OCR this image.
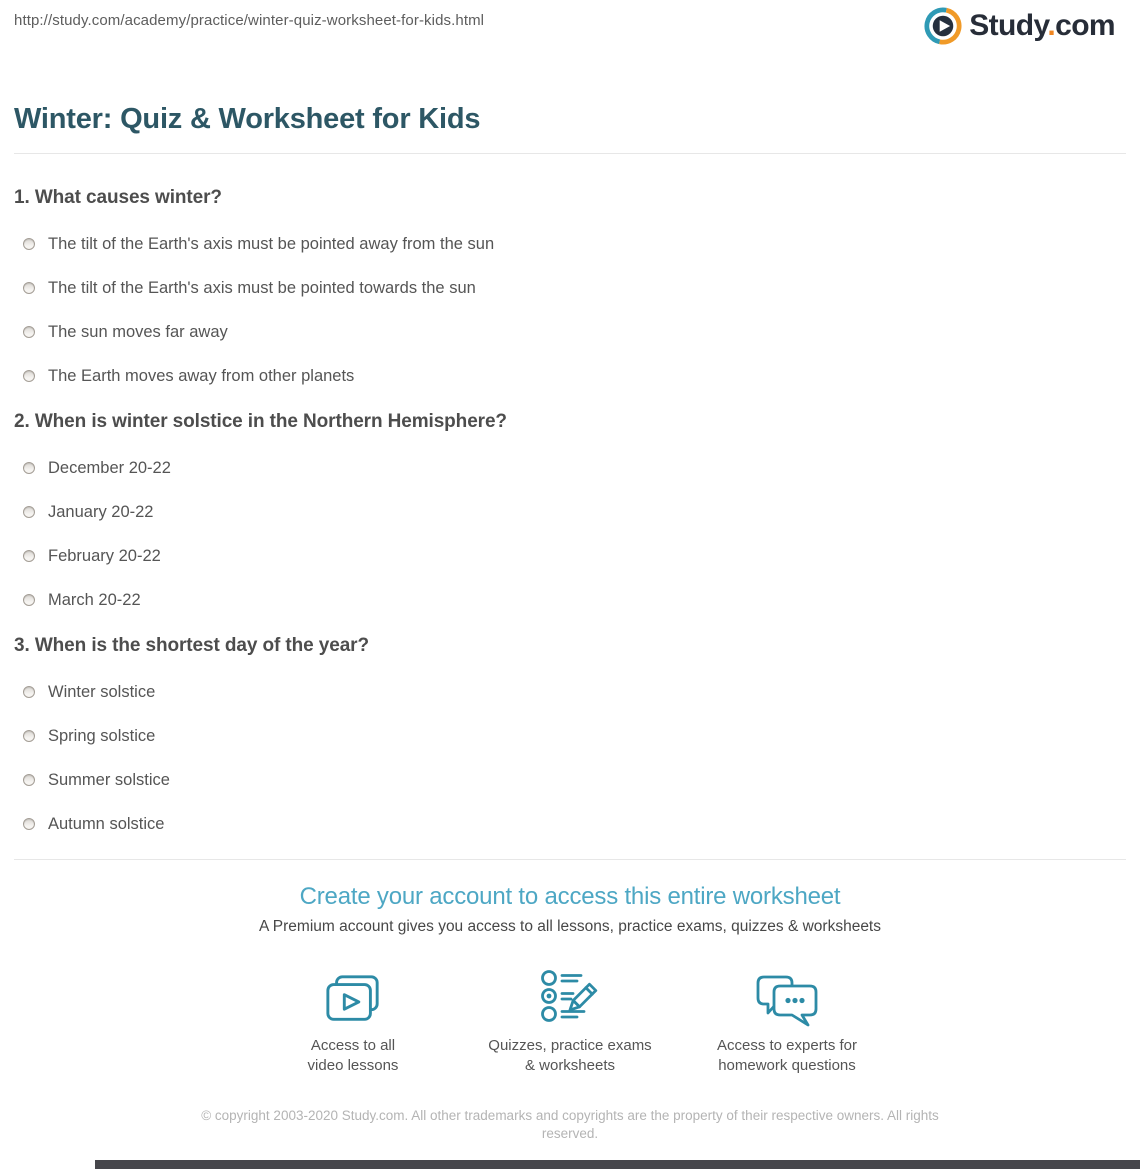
http://study.com/academy/practice/winter-quiz-worksheet-for-kids.html	Study.com
Winter: Quiz & Worksheet for Kids
1. What causes winter?
The tilt of the Earth's axis must be pointed away from the sun
The tilt of the Earth's axis must be pointed towards the sun
The sun moves far away
The Earth moves away from other planets
2. When is winter solstice in the Northern Hemisphere?
December 20-22
January 20-22
February 20-22
March 20-22
3. When is the shortest day of the year?
Winter solstice
Spring solstice
Summer solstice
Autumn solstice
Create your account to access this entire worksheet
A Premium account gives you access to all lessons, practice exams, quizzes & worksheets
Access to all
video lessons
Quizzes, practice exams
& worksheets
Access to experts for
homework questions
© copyright 2003-2020 Study.com. All other trademarks and copyrights are the property of their respective owners. All rights reserved.
